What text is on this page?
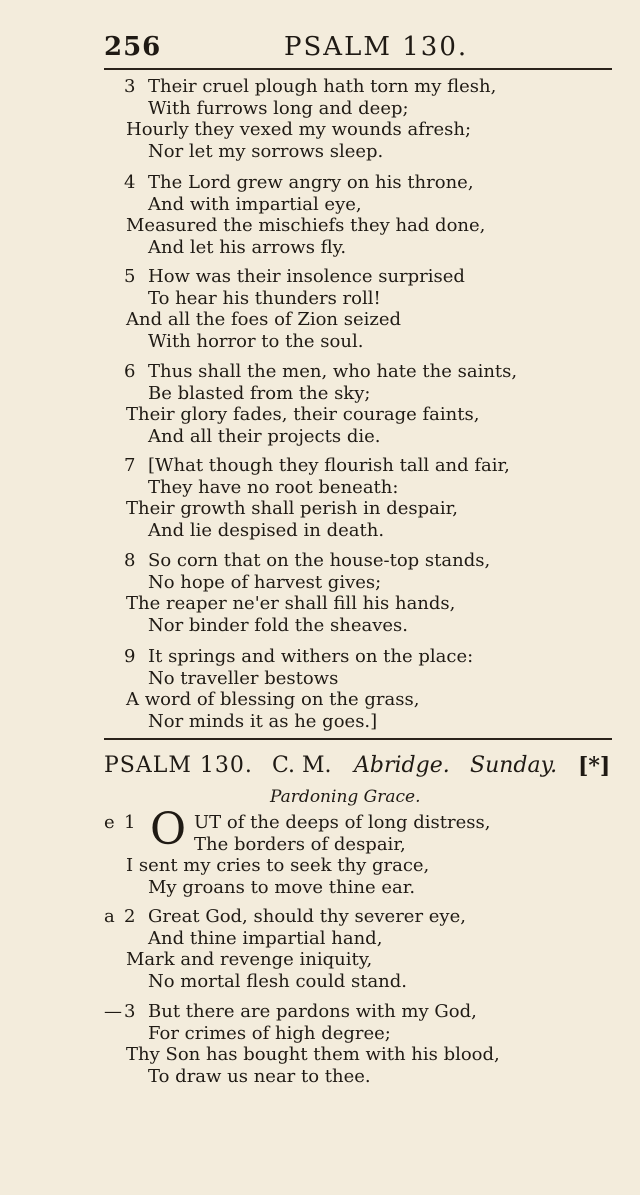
256	PSALM 130.
3 Their cruel plough hath torn my flesh,
With furrows long and deep;
Hourly they vexed my wounds afresh;
Nor let my sorrows sleep.
4 The Lord grew angry on his throne,
And with impartial eye,
Measured the mischiefs they had done,
And let his arrows fly.
5 How was their insolence surprised
To hear his thunders roll!
And all the foes of Zion seized
With horror to the soul.
6 Thus shall the men, who hate the saints,
Be blasted from the sky;
Their glory fades, their courage faints,
And all their projects die.
7 [What though they flourish tall and fair,
They have no root beneath:
Their growth shall perish in despair,
And lie despised in death.
8 So corn that on the house-top stands,
No hope of harvest gives;
The reaper ne'er shall fill his hands,
Nor binder fold the sheaves.
9 It springs and withers on the place:
No traveller bestows
A word of blessing on the grass,
Nor minds it as he goes.]
PSALM 130. C. M. Abridge. Sunday. [*]
Pardoning Grace.
e 1 O UT of the deeps of long distress,
The borders of despair,
I sent my cries to seek thy grace,
My groans to move thine ear.
a 2 Great God, should thy severer eye,
And thine impartial hand,
Mark and revenge iniquity,
No mortal flesh could stand.
— 3 But there are pardons with my God,
For crimes of high degree;
Thy Son has bought them with his blood,
To draw us near to thee.
